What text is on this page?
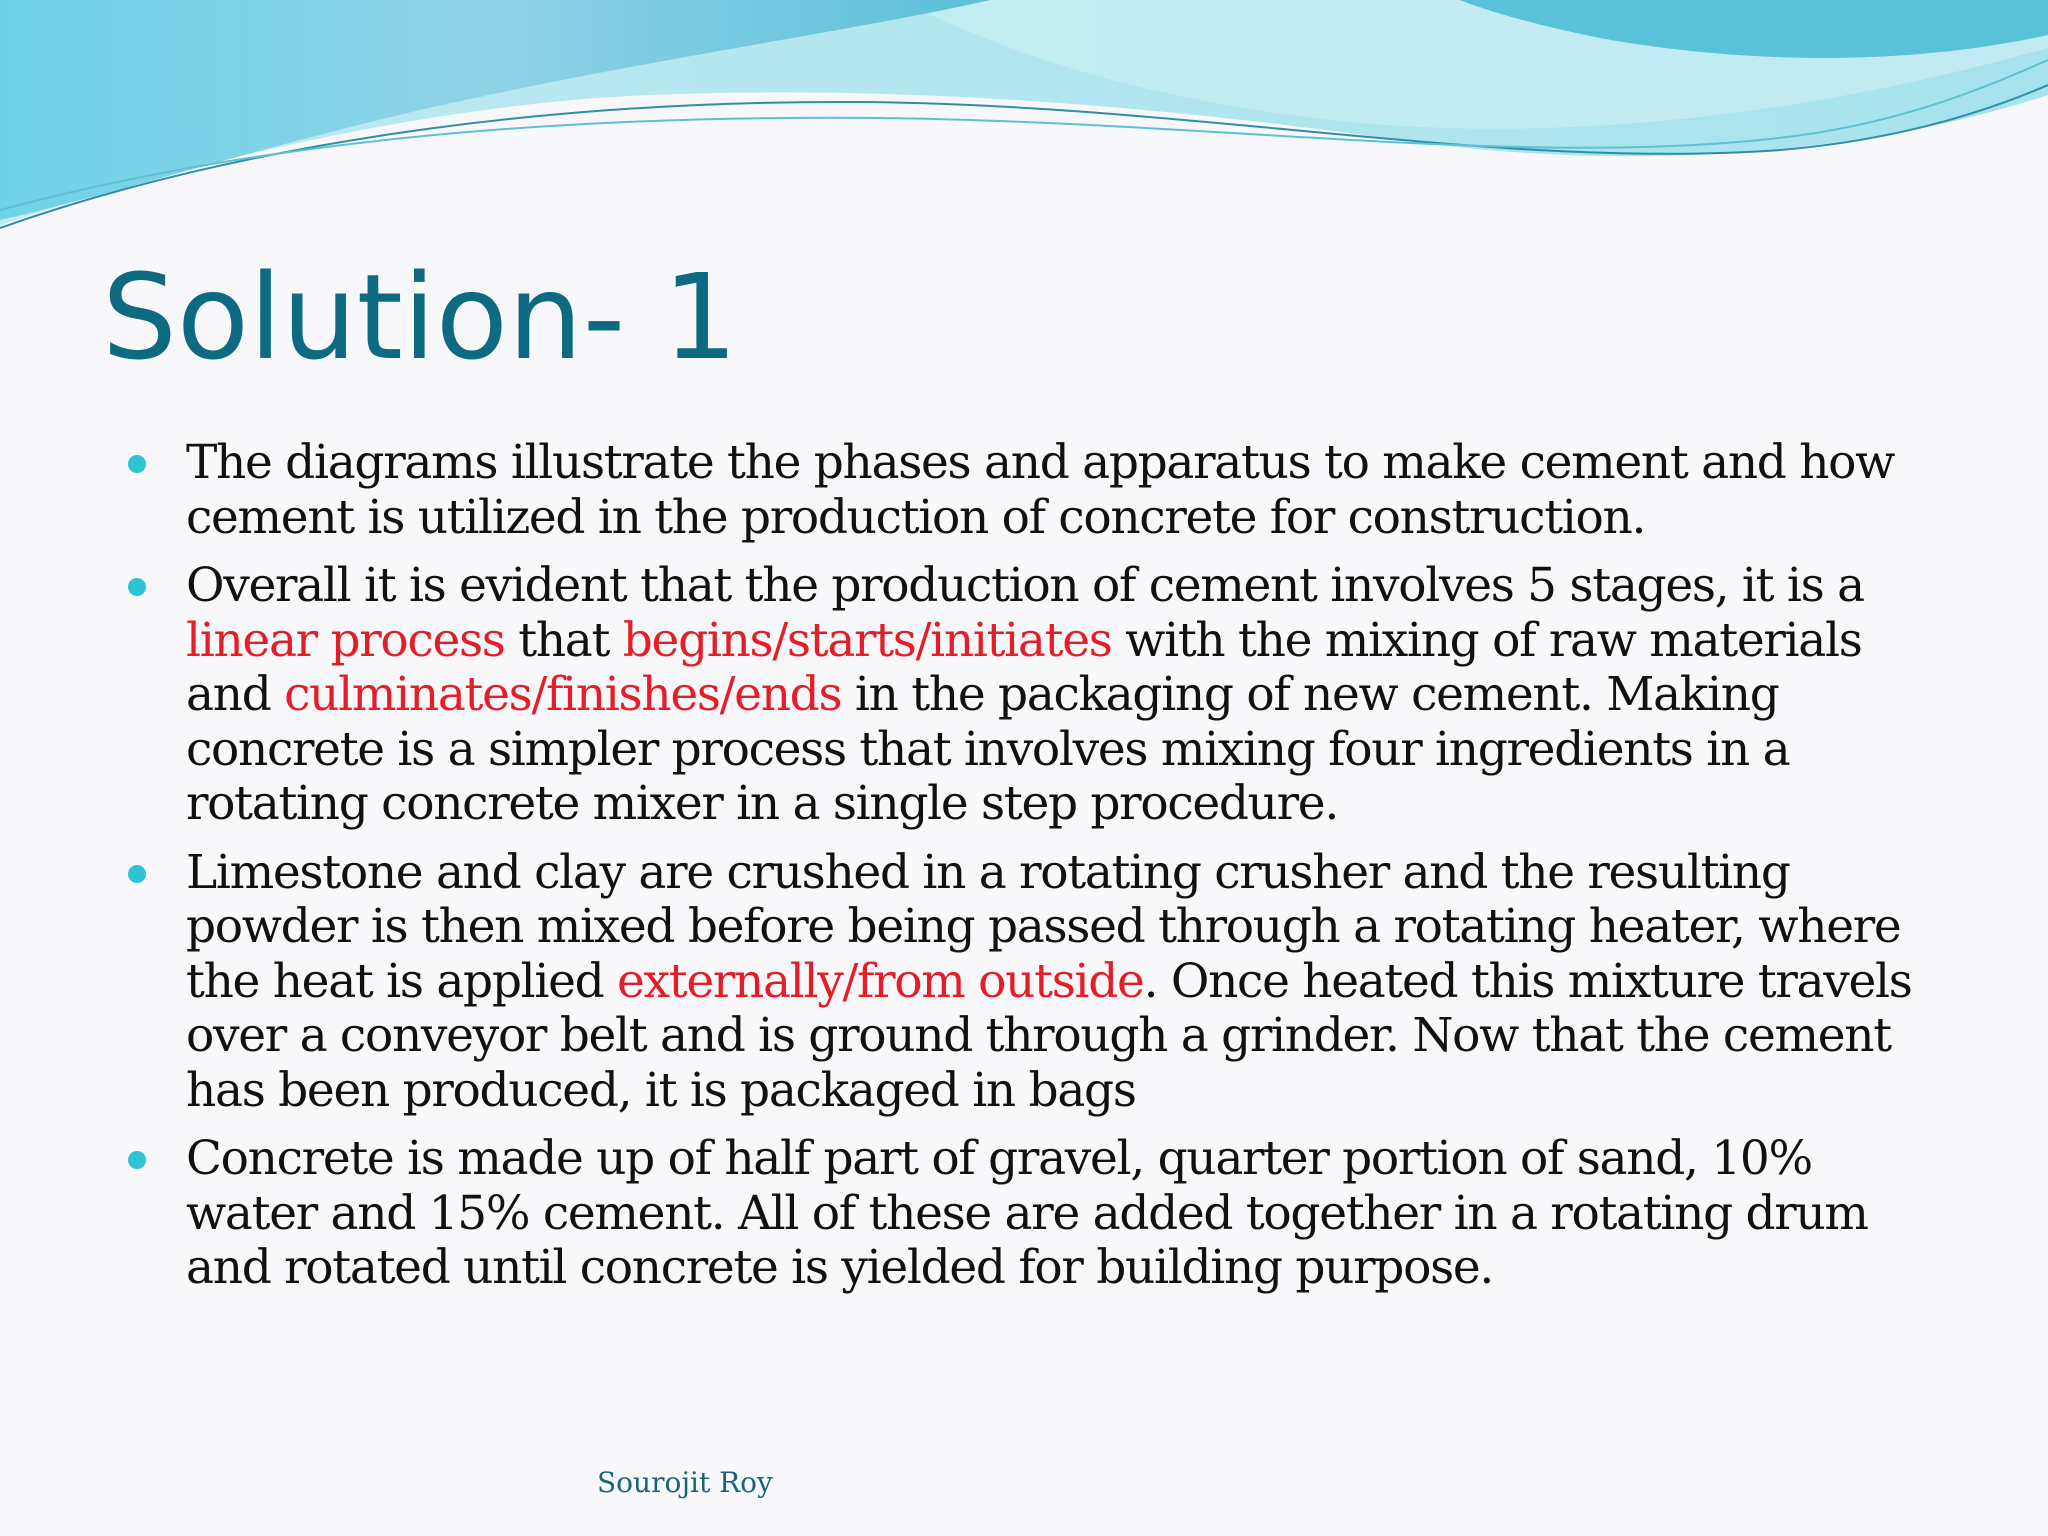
Solution- 1

The diagrams illustrate the phases and apparatus to make cement and how cement is utilized in the production of concrete for construction.

Overall it is evident that the production of cement involves 5 stages, it is a linear process that begins/starts/initiates with the mixing of raw materials and culminates/finishes/ends in the packaging of new cement. Making concrete is a simpler process that involves mixing four ingredients in a rotating concrete mixer in a single step procedure.

Limestone and clay are crushed in a rotating crusher and the resulting powder is then mixed before being passed through a rotating heater, where the heat is applied externally/from outside. Once heated this mixture travels over a conveyor belt and is ground through a grinder. Now that the cement has been produced, it is packaged in bags

Concrete is made up of half part of gravel, quarter portion of sand, 10% water and 15% cement. All of these are added together in a rotating drum and rotated until concrete is yielded for building purpose.

Sourojit Roy
